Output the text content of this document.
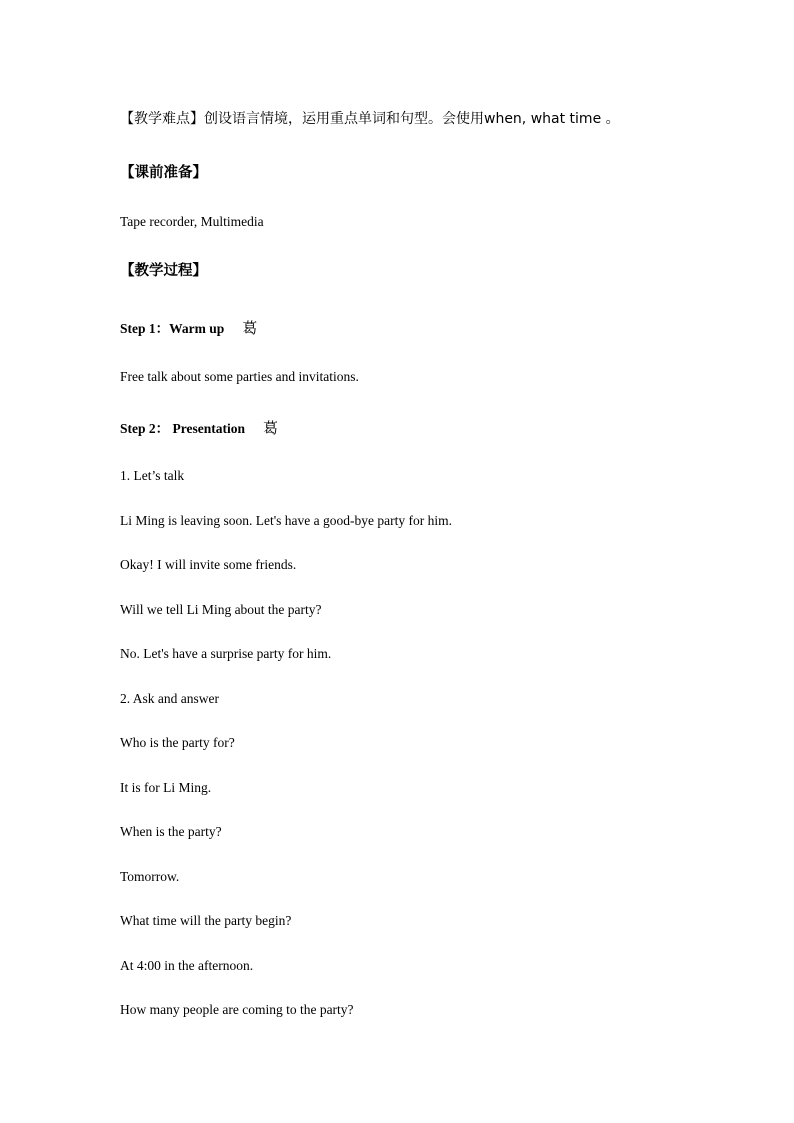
【教学难点】创设语言情境，运用重点单词和句型。会使用when, what time 。
【课前准备】
Tape recorder, Multimedia
【教学过程】
Step 1：Warm up 葛
Free talk about some parties and invitations.
Step 2： Presentation 葛
1. Let’s talk
Li Ming is leaving soon. Let's have a good-bye party for him.
Okay! I will invite some friends.
Will we tell Li Ming about the party?
No. Let's have a surprise party for him.
2. Ask and answer
Who is the party for?
It is for Li Ming.
When is the party?
Tomorrow.
What time will the party begin?
At 4:00 in the afternoon.
How many people are coming to the party?
